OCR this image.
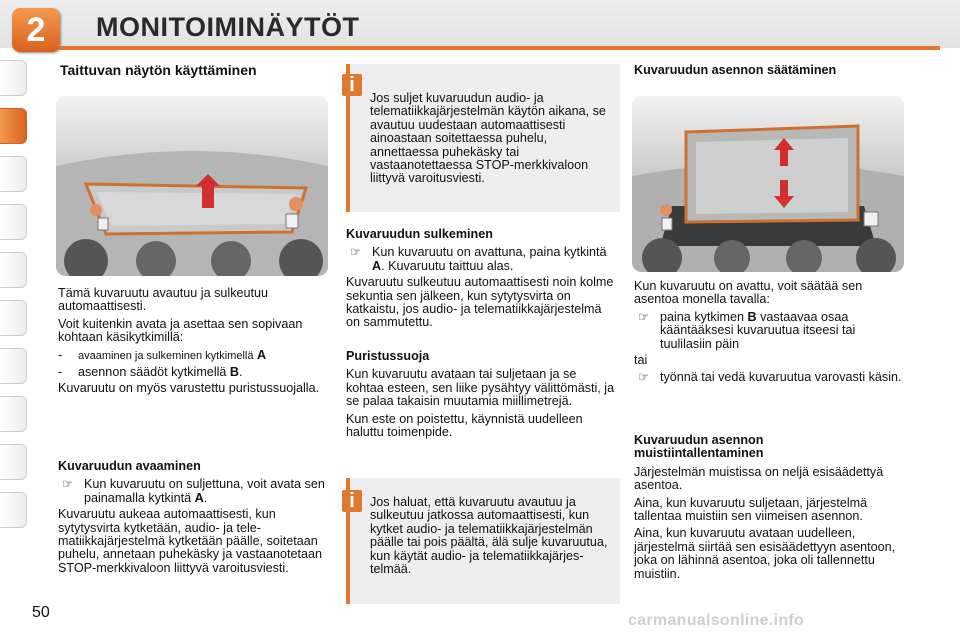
2	MONITOIMINÄYTÖT
Taittuvan näytön käyttäminen

Tämä kuvaruutu avautuu ja sulkeutuu automaattisesti.

Voit kuitenkin avata ja asettaa sen sopivaan kohtaan käsikytkimillä:

-	avaaminen ja sulkeminen kytkimellä A
-	asennon säädöt kytkimellä B.

Kuvaruutu on myös varustettu puristussuojalla.

Kuvaruudun avaaminen
☞ Kun kuvaruutu on suljettuna, voit avata sen painamalla kytkintä A.

Kuvaruutu aukeaa automaattisesti, kun sytytysvirta kytketään, audio- ja telematiikkajärjestelmä kytketään päälle, soitetaan puhelu, annetaan puhekäsky ja vastaanotetaan STOP-merkkivaloon liittyvä varoitusviesti.

Jos suljet kuvaruudun audio- ja telematiikkajärjestelmän käytön aikana, se avautuu uudestaan automaattisesti ainoastaan soitettaessa puhelu, annettaessa puhekäsky tai vastaanotettaessa STOP-merkkivaloon liittyvä varoitusviesti.
i
Kuvaruudun sulkeminen
☞ Kun kuvaruutu on avattuna, paina kytkintä A. Kuvaruutu taittuu alas.

Kuvaruutu sulkeutuu automaattisesti noin kolme sekuntia sen jälkeen, kun sytytysvirta on katkaistu, jos audio- ja telematiikkajärjestelmä on sammutettu.

Puristussuoja

Kun kuvaruutu avataan tai suljetaan ja se kohtaa esteen, sen liike pysähtyy välittömästi, ja se palaa takaisin muutamia miillimetrejä.

Kun este on poistettu, käynnistä uudelleen haluttu toimenpide.

Jos haluat, että kuvaruutu avautuu ja sulkeutuu jatkossa automaattisesti, kun kytket audio- ja telematiikkajärjestelmän päälle tai pois päältä, älä sulje kuvaruutua, kun käytät audio- ja telematiikkajärjestelmää.
i
Kuvaruudun asennon säätäminen

Kun kuvaruutu on avattu, voit säätää sen asentoa monella tavalla:

☞ paina kytkimen B vastaavaa osaa kääntääksesi kuvaruutua itseesi tai tuulilasiin päin

tai

☞ työnnä tai vedä kuvaruutua varovasti käsin.
Kuvaruudun asennon muistiintallentaminen

Järjestelmän muistissa on neljä esisäädettyä asentoa.

Aina, kun kuvaruutu suljetaan, järjestelmä tallentaa muistiin sen viimeisen asennon.

Aina, kun kuvaruutu avataan uudelleen, järjestelmä siirtää sen esisäädettyyn asentoon, joka on lähinnä asentoa, joka oli tallennettu muistiin.

50	carmanualsonline.info
